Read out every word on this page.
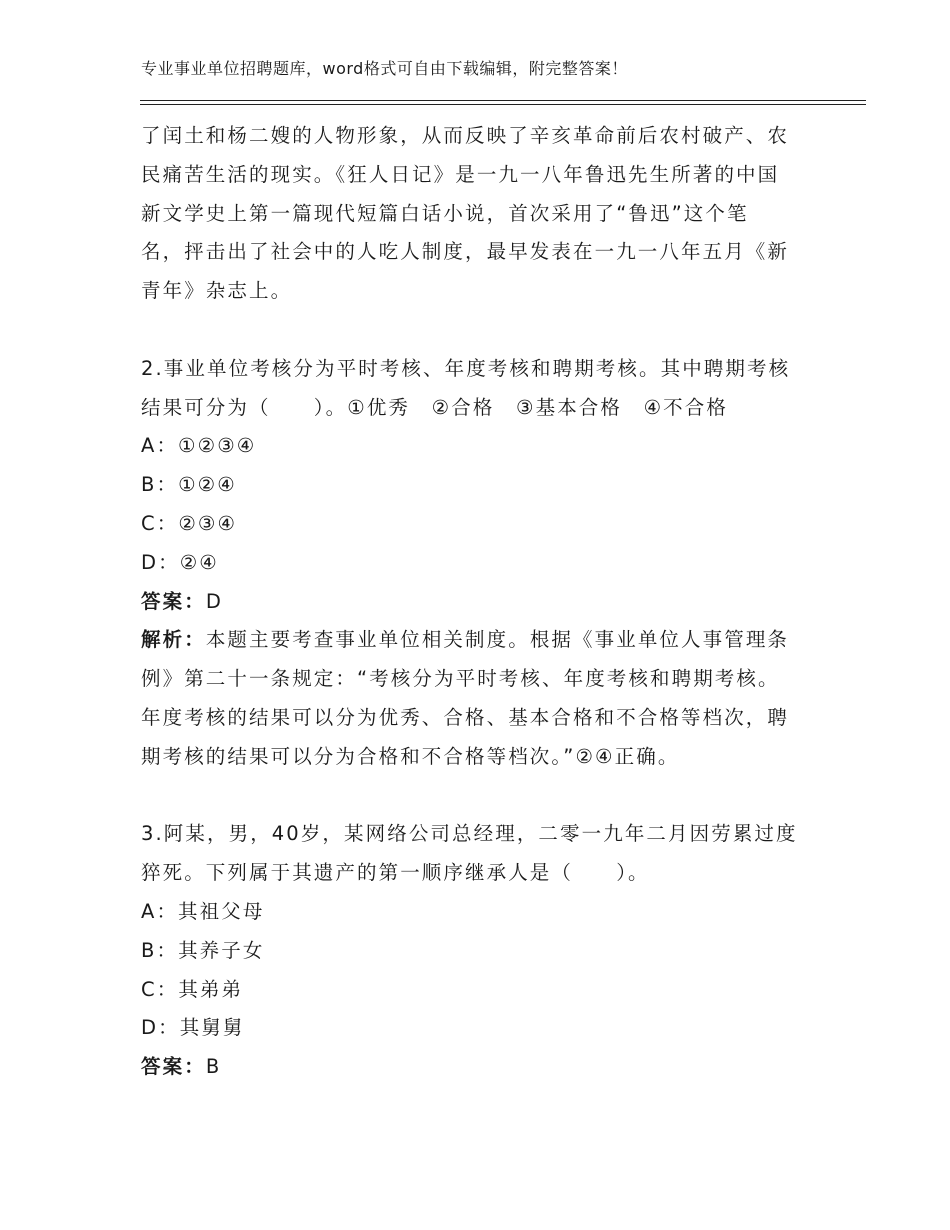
专业事业单位招聘题库，word格式可自由下载编辑，附完整答案！
了闰土和杨二嫂的人物形象，从而反映了辛亥革命前后农村破产、农
民痛苦生活的现实。《狂人日记》是一九一八年鲁迅先生所著的中国
新文学史上第一篇现代短篇白话小说，首次采用了“鲁迅”这个笔
名，抨击出了社会中的人吃人制度，最早发表在一九一八年五月《新
青年》杂志上。
2.事业单位考核分为平时考核、年度考核和聘期考核。其中聘期考核
结果可分为（　　）。①优秀　②合格　③基本合格　④不合格
A：①②③④
B：①②④
C：②③④
D：②④
答案：D
解析：本题主要考查事业单位相关制度。根据《事业单位人事管理条
例》第二十一条规定：“考核分为平时考核、年度考核和聘期考核。
年度考核的结果可以分为优秀、合格、基本合格和不合格等档次，聘
期考核的结果可以分为合格和不合格等档次。”②④正确。
3.阿某，男，40岁，某网络公司总经理，二零一九年二月因劳累过度
猝死。下列属于其遗产的第一顺序继承人是（　　）。
A：其祖父母
B：其养子女
C：其弟弟
D：其舅舅
答案：B
